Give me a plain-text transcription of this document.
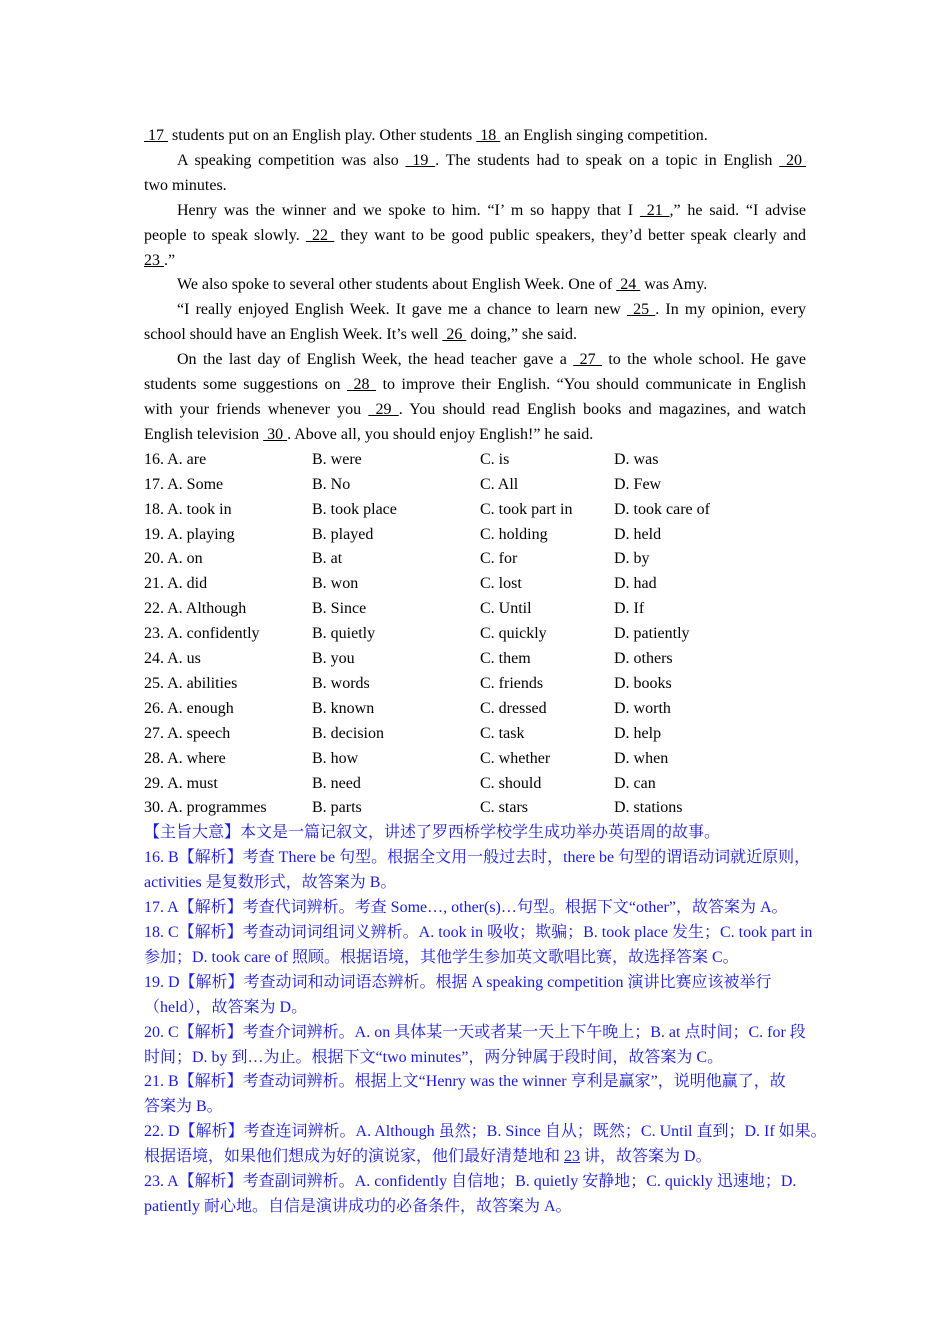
17  students put on an English play. Other students  18  an English singing competition.
A speaking competition was also  19 . The students had to speak on a topic in English  20
two minutes.
Henry was the winner and we spoke to him. “I’ m so happy that I  21 ,” he said. “I advise
people to speak slowly.  22  they want to be good public speakers, they’d better speak clearly and
23 .”
We also spoke to several other students about English Week. One of  24  was Amy.
“I really enjoyed English Week. It gave me a chance to learn new  25 . In my opinion, every
school should have an English Week. It’s well  26  doing,” she said.
On the last day of English Week, the head teacher gave a  27  to the whole school. He gave
students some suggestions on  28  to improve their English. “You should communicate in English
with your friends whenever you  29 . You should read English books and magazines, and watch
English television  30 . Above all, you should enjoy English!” he said.
16. A. are	B. were	C. is	D. was
17. A. Some	B. No	C. All	D. Few
18. A. took in	B. took place	C. took part in	D. took care of
19. A. playing	B. played	C. holding	D. held
20. A. on	B. at	C. for	D. by
21. A. did	B. won	C. lost	D. had
22. A. Although	B. Since	C. Until	D. If
23. A. confidently	B. quietly	C. quickly	D. patiently
24. A. us	B. you	C. them	D. others
25. A. abilities	B. words	C. friends	D. books
26. A. enough	B. known	C. dressed	D. worth
27. A. speech	B. decision	C. task	D. help
28. A. where	B. how	C. whether	D. when
29. A. must	B. need	C. should	D. can
30. A. programmes	B. parts	C. stars	D. stations
【主旨大意】本文是一篇记叙文，讲述了罗西桥学校学生成功举办英语周的故事。
16. B【解析】考查 There be 句型。根据全文用一般过去时，there be 句型的谓语动词就近原则，
activities 是复数形式，故答案为 B。
17. A【解析】考查代词辨析。考查 Some…, other(s)…句型。根据下文“other”，故答案为 A。
18. C【解析】考查动词词组词义辨析。A. took in 吸收；欺骗；B. took place 发生；C. took part in
参加；D. took care of 照顾。根据语境，其他学生参加英文歌唱比赛，故选择答案 C。
19. D【解析】考查动词和动词语态辨析。根据 A speaking competition 演讲比赛应该被举行
（held），故答案为 D。
20. C【解析】考查介词辨析。A. on 具体某一天或者某一天上下午晚上；B. at 点时间；C. for 段
时间；D. by 到…为止。根据下文“two minutes”，两分钟属于段时间，故答案为 C。
21. B【解析】考查动词辨析。根据上文“Henry was the winner 亨利是赢家”，说明他赢了，故
答案为 B。
22. D【解析】考查连词辨析。A. Although 虽然；B. Since 自从；既然；C. Until 直到；D. If 如果。
根据语境，如果他们想成为好的演说家，他们最好清楚地和 23 讲，故答案为 D。
23. A【解析】考查副词辨析。A. confidently 自信地；B. quietly 安静地；C. quickly 迅速地；D.
patiently 耐心地。自信是演讲成功的必备条件，故答案为 A。
